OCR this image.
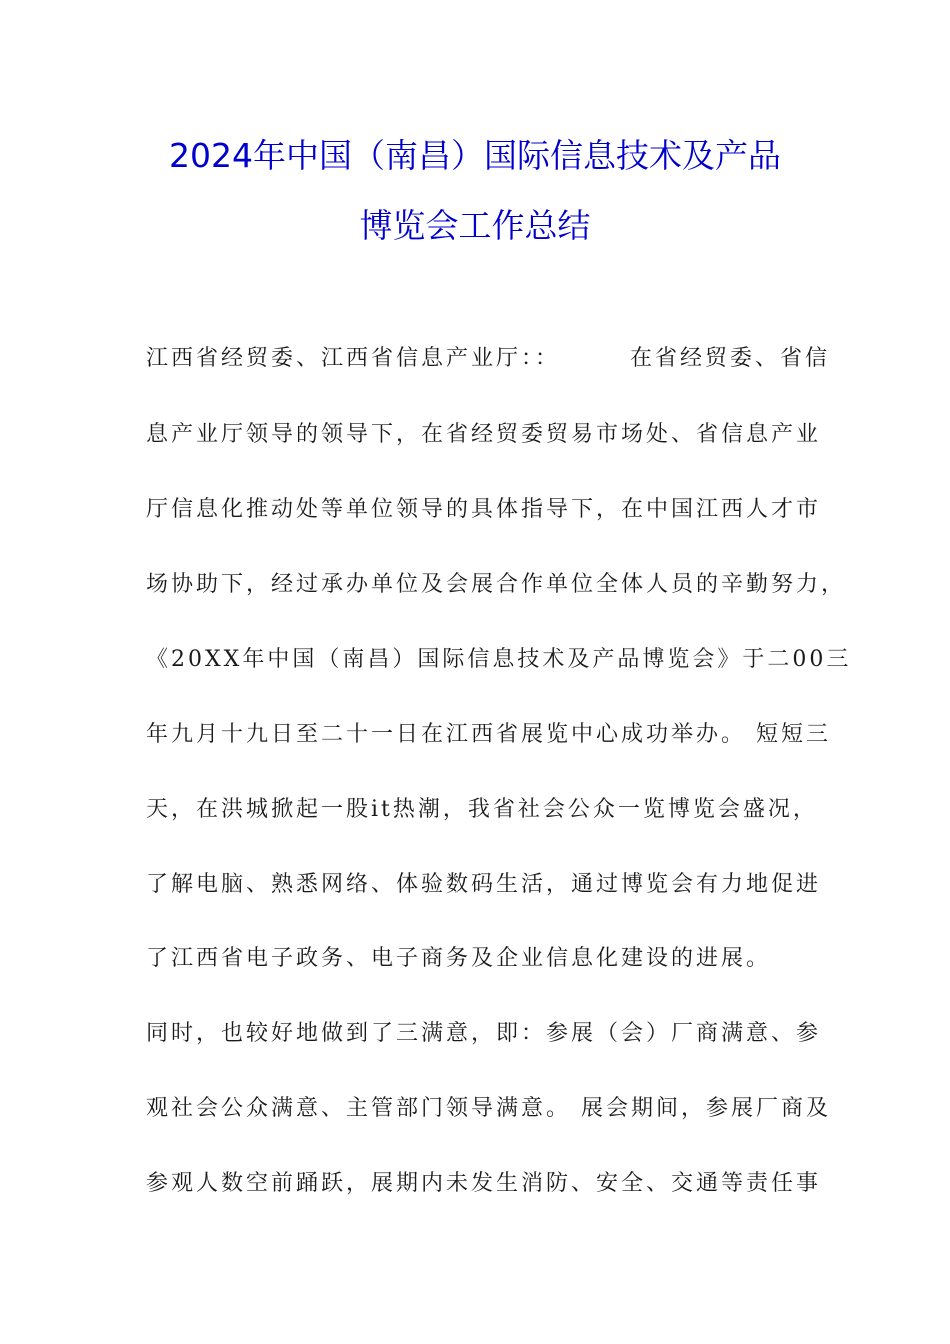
2024年中国（南昌）国际信息技术及产品
博览会工作总结
江西省经贸委、江西省信息产业厅：：       在省经贸委、省信
息产业厅领导的领导下，在省经贸委贸易市场处、省信息产业
厅信息化推动处等单位领导的具体指导下，在中国江西人才市
场协助下，经过承办单位及会展合作单位全体人员的辛勤努力，
《20XX年中国（南昌）国际信息技术及产品博览会》于二00三
年九月十九日至二十一日在江西省展览中心成功举办。 短短三
天，在洪城掀起一股it热潮，我省社会公众一览博览会盛况，
了解电脑、熟悉网络、体验数码生活，通过博览会有力地促进
了江西省电子政务、电子商务及企业信息化建设的进展。
同时，也较好地做到了三满意，即：参展（会）厂商满意、参
观社会公众满意、主管部门领导满意。 展会期间，参展厂商及
参观人数空前踊跃，展期内未发生消防、安全、交通等责任事
